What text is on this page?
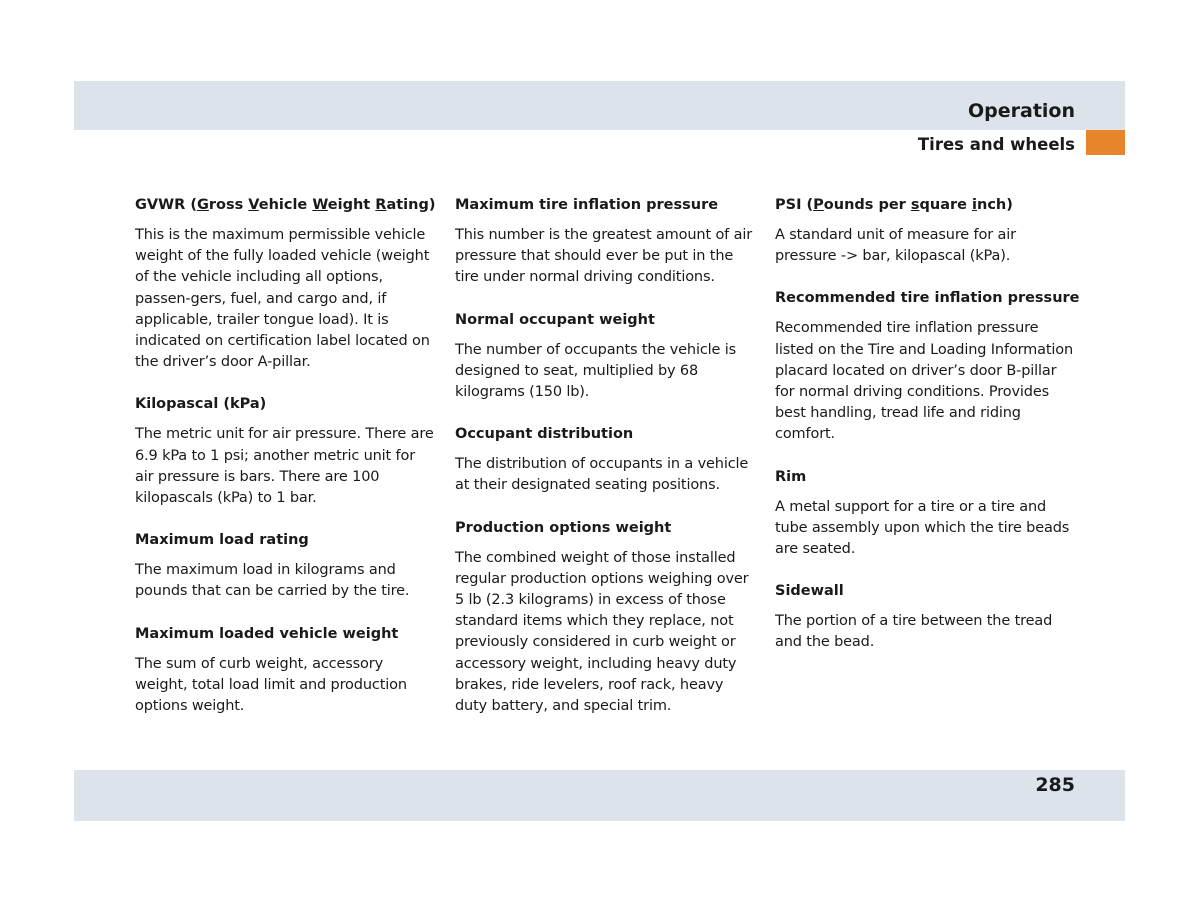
Operation
Tires and wheels
GVWR (Gross Vehicle Weight Rating)

This is the maximum permissible vehicle weight of the fully loaded vehicle (weight of the vehicle including all options, passen-gers, fuel, and cargo and, if applicable, trailer tongue load). It is indicated on certification label located on the driver’s door A-pillar.

Kilopascal (kPa)

The metric unit for air pressure. There are 6.9 kPa to 1 psi; another metric unit for air pressure is bars. There are 100 kilopascals (kPa) to 1 bar.

Maximum load rating

The maximum load in kilograms and pounds that can be carried by the tire.

Maximum loaded vehicle weight

The sum of curb weight, accessory weight, total load limit and production options weight.

Maximum tire inflation pressure

This number is the greatest amount of air pressure that should ever be put in the tire under normal driving conditions.

Normal occupant weight

The number of occupants the vehicle is designed to seat, multiplied by 68 kilograms (150 lb).

Occupant distribution

The distribution of occupants in a vehicle at their designated seating positions.

Production options weight

The combined weight of those installed regular production options weighing over 5 lb (2.3 kilograms) in excess of those standard items which they replace, not previously considered in curb weight or accessory weight, including heavy duty brakes, ride levelers, roof rack, heavy duty battery, and special trim.

PSI (Pounds per square inch)

A standard unit of measure for air pressure -> bar, kilopascal (kPa).

Recommended tire inflation pressure

Recommended tire inflation pressure listed on the Tire and Loading Information placard located on driver’s door B-pillar for normal driving conditions. Provides best handling, tread life and riding comfort.

Rim

A metal support for a tire or a tire and tube assembly upon which the tire beads are seated.

Sidewall

The portion of a tire between the tread and the bead.

285
